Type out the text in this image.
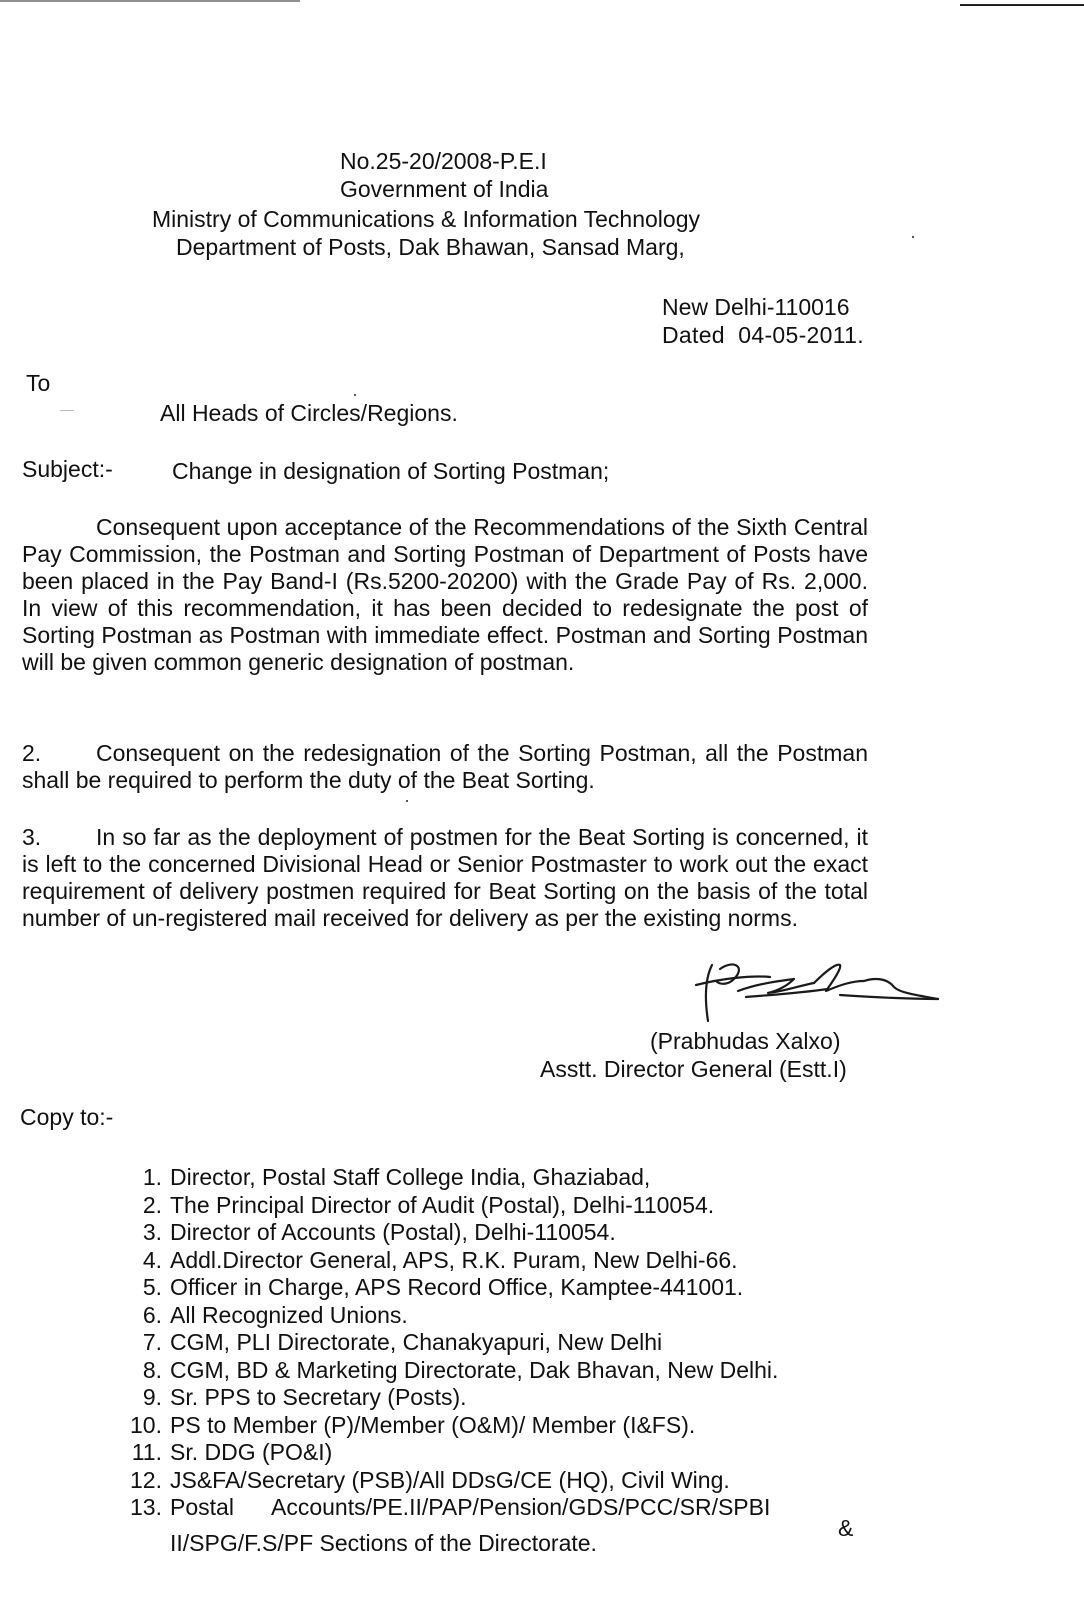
No.25-20/2008-P.E.I
Government of India
Ministry of Communications & Information Technology
Department of Posts, Dak Bhawan, Sansad Marg,
New Delhi-110016
Dated  04-05-2011.
To
All Heads of Circles/Regions.
Subject:-	Change in designation of Sorting Postman;
Consequent upon acceptance of the Recommendations of the Sixth Central Pay Commission, the Postman and Sorting Postman of Department of Posts have been placed in the Pay Band-I (Rs.5200-20200) with the Grade Pay of Rs. 2,000. In view of this recommendation, it has been decided to redesignate the post of Sorting Postman as Postman with immediate effect. Postman and Sorting Postman will be given common generic designation of postman.
2. Consequent on the redesignation of the Sorting Postman, all the Postman shall be required to perform the duty of the Beat Sorting.
3. In so far as the deployment of postmen for the Beat Sorting is concerned, it is left to the concerned Divisional Head or Senior Postmaster to work out the exact requirement of delivery postmen required for Beat Sorting on the basis of the total number of un-registered mail received for delivery as per the existing norms.
(Prabhudas Xalxo)
Asstt. Director General (Estt.I)
Copy to:-
1. Director, Postal Staff College India, Ghaziabad,
2. The Principal Director of Audit (Postal), Delhi-110054.
3. Director of Accounts (Postal), Delhi-110054.
4. Addl.Director General, APS, R.K. Puram, New Delhi-66.
5. Officer in Charge, APS Record Office, Kamptee-441001.
6. All Recognized Unions.
7. CGM, PLI Directorate, Chanakyapuri, New Delhi
8. CGM, BD & Marketing Directorate, Dak Bhavan, New Delhi.
9. Sr. PPS to Secretary (Posts).
10. PS to Member (P)/Member (O&M)/ Member (I&FS).
11. Sr. DDG (PO&I)
12. JS&FA/Secretary (PSB)/All DDsG/CE (HQ), Civil Wing.
13. Postal      Accounts/PE.II/PAP/Pension/GDS/PCC/SR/SPBI
&
II/SPG/F.S/PF Sections of the Directorate.
